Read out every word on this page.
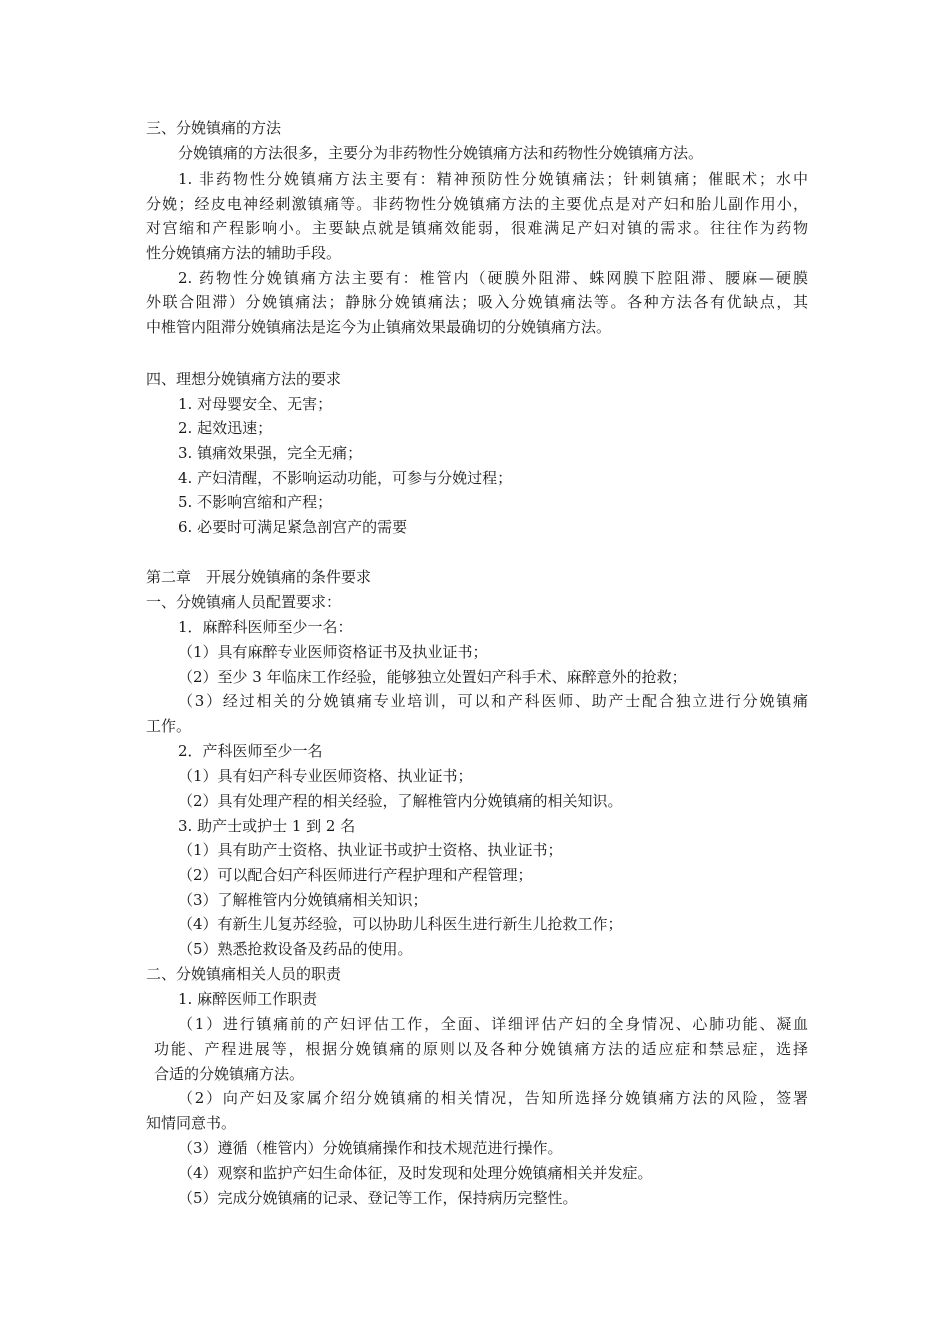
三、分娩镇痛的方法
分娩镇痛的方法很多，主要分为非药物性分娩镇痛方法和药物性分娩镇痛方法。
1. 非药物性分娩镇痛方法主要有：精神预防性分娩镇痛法；针刺镇痛；催眠术；水中
分娩；经皮电神经刺激镇痛等。非药物性分娩镇痛方法的主要优点是对产妇和胎儿副作用小，
对宫缩和产程影响小。主要缺点就是镇痛效能弱，很难满足产妇对镇的需求。往往作为药物
性分娩镇痛方法的辅助手段。
2. 药物性分娩镇痛方法主要有：椎管内（硬膜外阻滞、蛛网膜下腔阻滞、腰麻—硬膜
外联合阻滞）分娩镇痛法；静脉分娩镇痛法；吸入分娩镇痛法等。各种方法各有优缺点，其
中椎管内阻滞分娩镇痛法是迄今为止镇痛效果最确切的分娩镇痛方法。
四、理想分娩镇痛方法的要求
1. 对母婴安全、无害；
2. 起效迅速；
3. 镇痛效果强，完全无痛；
4. 产妇清醒，不影响运动功能，可参与分娩过程；
5. 不影响宫缩和产程；
6. 必要时可满足紧急剖宫产的需要
第二章　开展分娩镇痛的条件要求
一、分娩镇痛人员配置要求：
1．麻醉科医师至少一名：
（1）具有麻醉专业医师资格证书及执业证书；
（2）至少 3 年临床工作经验，能够独立处置妇产科手术、麻醉意外的抢救；
（3）经过相关的分娩镇痛专业培训，可以和产科医师、助产士配合独立进行分娩镇痛
工作。
2．产科医师至少一名
（1）具有妇产科专业医师资格、执业证书；
（2）具有处理产程的相关经验，了解椎管内分娩镇痛的相关知识。
3. 助产士或护士 1 到 2 名
（1）具有助产士资格、执业证书或护士资格、执业证书；
（2）可以配合妇产科医师进行产程护理和产程管理；
（3）了解椎管内分娩镇痛相关知识；
（4）有新生儿复苏经验，可以协助儿科医生进行新生儿抢救工作；
（5）熟悉抢救设备及药品的使用。
二、分娩镇痛相关人员的职责
1. 麻醉医师工作职责
（1）进行镇痛前的产妇评估工作，全面、详细评估产妇的全身情况、心肺功能、凝血
功能、产程进展等，根据分娩镇痛的原则以及各种分娩镇痛方法的适应症和禁忌症，选择
合适的分娩镇痛方法。
（2）向产妇及家属介绍分娩镇痛的相关情况，告知所选择分娩镇痛方法的风险，签署
知情同意书。
（3）遵循（椎管内）分娩镇痛操作和技术规范进行操作。
（4）观察和监护产妇生命体征，及时发现和处理分娩镇痛相关并发症。
（5）完成分娩镇痛的记录、登记等工作，保持病历完整性。
